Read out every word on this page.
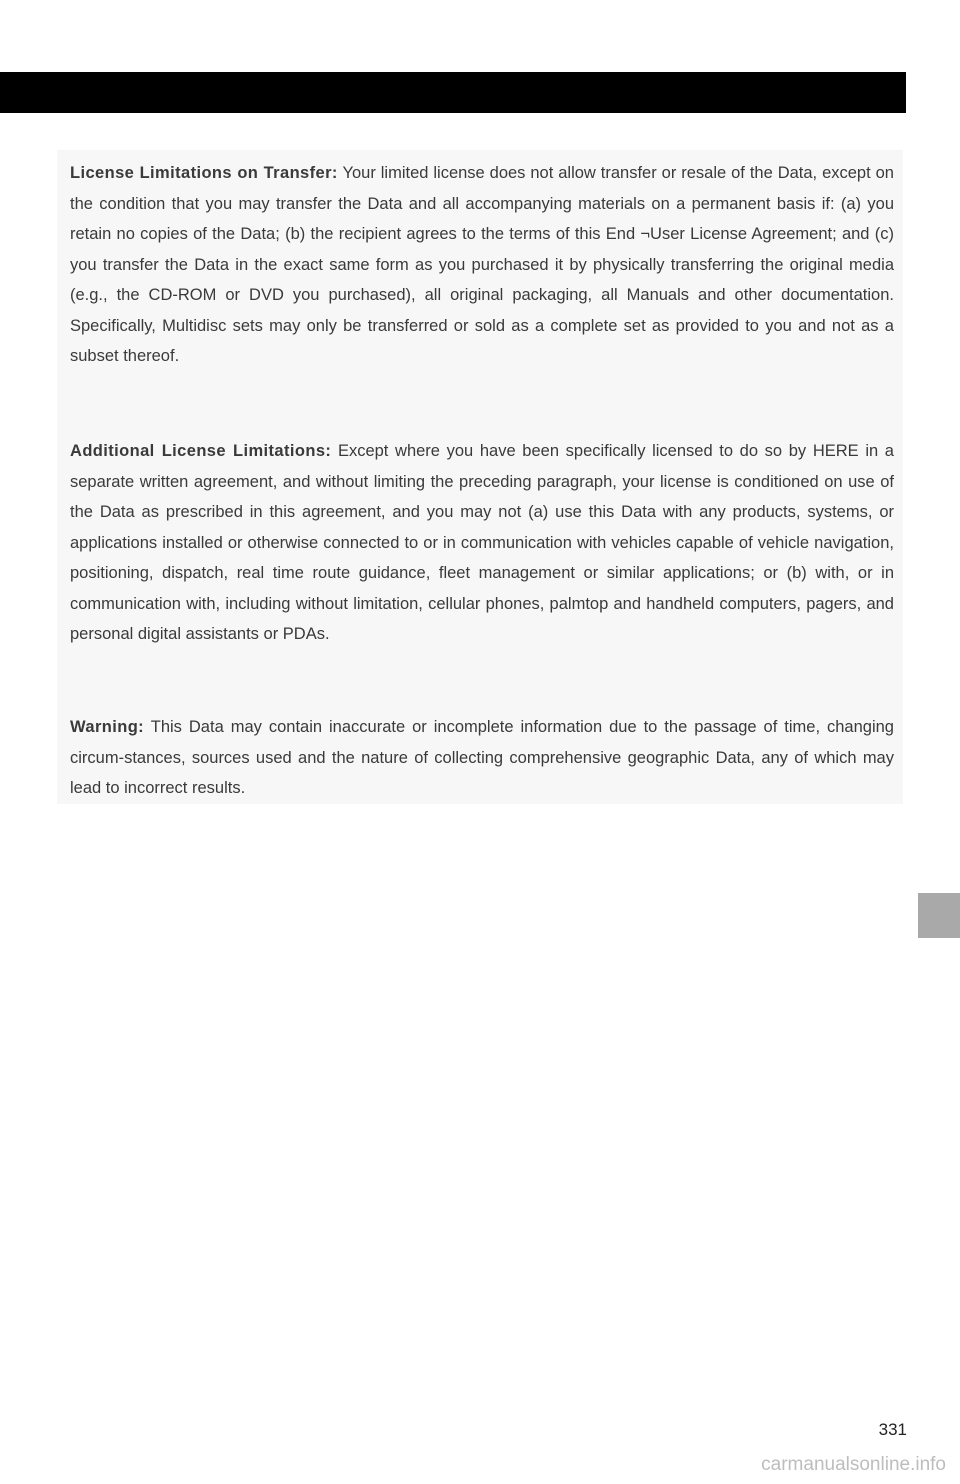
License Limitations on Transfer: Your limited license does not allow transfer or resale of the Data, except on the condition that you may transfer the Data and all accompanying materials on a permanent basis if: (a) you retain no copies of the Data; (b) the recipient agrees to the terms of this End ¬User License Agreement; and (c) you transfer the Data in the exact same form as you purchased it by physically transferring the original media (e.g., the CD-ROM or DVD you purchased), all original packaging, all Manuals and other documentation. Specifically, Multidisc sets may only be transferred or sold as a complete set as provided to you and not as a subset thereof.

Additional License Limitations: Except where you have been specifically licensed to do so by HERE in a separate written agreement, and without limiting the preceding paragraph, your license is conditioned on use of the Data as prescribed in this agreement, and you may not (a) use this Data with any products, systems, or applications installed or otherwise connected to or in communication with vehicles capable of vehicle navigation, positioning, dispatch, real time route guidance, fleet management or similar applications; or (b) with, or in communication with, including without limitation, cellular phones, palmtop and handheld computers, pagers, and personal digital assistants or PDAs.

Warning: This Data may contain inaccurate or incomplete information due to the passage of time, changing circum-stances, sources used and the nature of collecting comprehensive geographic Data, any of which may lead to incorrect results.

331
carmanualsonline.info
